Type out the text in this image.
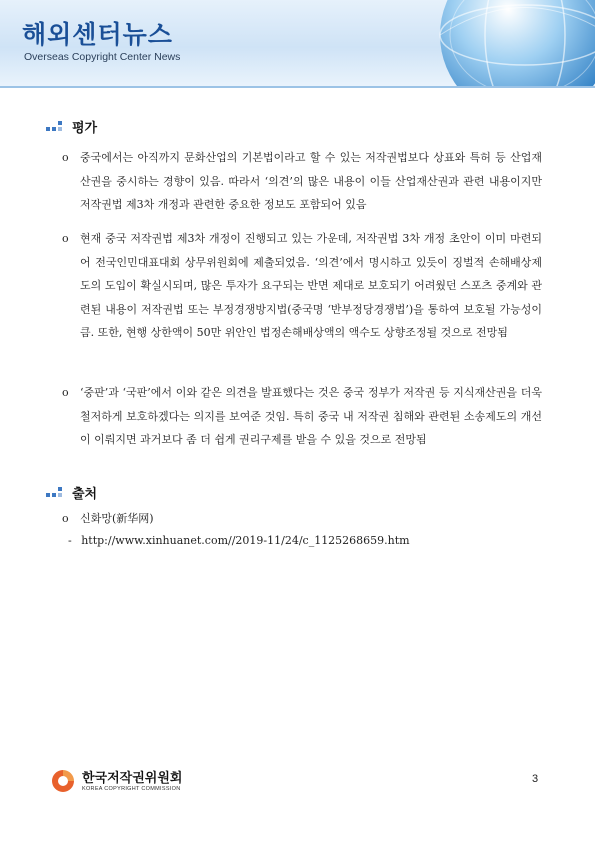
해외센터뉴스
Overseas Copyright Center News
평가
o 중국에서는 아직까지 문화산업의 기본법이라고 할 수 있는 저작권법보다 상표와 특허 등 산업재산권을 중시하는 경향이 있음. 따라서 ‘의견’의 많은 내용이 이들 산업재산권과 관련 내용이지만 저작권법 제3차 개정과 관련한 중요한 정보도 포함되어 있음
o 현재 중국 저작권법 제3차 개정이 진행되고 있는 가운데, 저작권법 3차 개정 초안이 이미 마련되어 전국인민대표대회 상무위원회에 제출되었음. ‘의견’에서 명시하고 있듯이 징벌적 손해배상제도의 도입이 확실시되며, 많은 투자가 요구되는 반면 제대로 보호되기 어려웠던 스포츠 중계와 관련된 내용이 저작권법 또는 부정경쟁방지법(중국명 ‘반부정당경쟁법’)을 통하여 보호될 가능성이 큼. 또한, 현행 상한액이 50만 위안인 법정손해배상액의 액수도 상향조정될 것으로 전망됨
o ‘중판’과 ‘국판’에서 이와 같은 의견을 발표했다는 것은 중국 정부가 저작권 등 지식재산권을 더욱 철저하게 보호하겠다는 의지를 보여준 것임. 특히 중국 내 저작권 침해와 관련된 소송제도의 개선이 이뤄지면 과거보다 좀 더 쉽게 권리구제를 받을 수 있을 것으로 전망됨
출처
o 신화망(新华网)
- http://www.xinhuanet.com//2019-11/24/c_1125268659.htm
한국저작권위원회
KOREA COPYRIGHT COMMISSION
3
